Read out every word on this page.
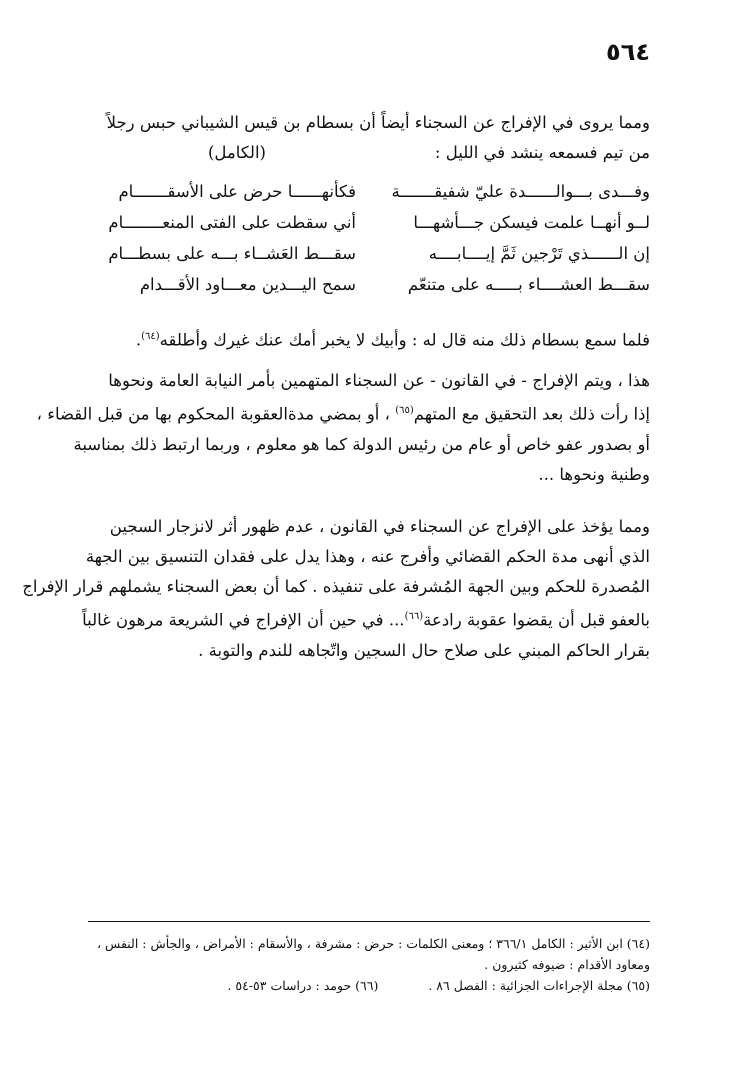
٥٦٤
ومما يروى في الإفراج عن السجناء أيضاً أن بسطام بن قيس الشيباني حبس رجلاً
من تيم فسمعه ينشد في الليل :
(الكامل)
وفـــدى بـــوالــــــدة عليّ شفيقـــــــة
فكأنهــــــا حرض على الأسقـــــــام
لــو أنهــا علمت فيسكن جـــأشهـــا
أني سقطت على الفتى المنعــــــــام
إن الــــــذي تَرْجين ثَمَّ إيــــابــــه
سقـــط العَشــاء بـــه على بسطـــام
سقـــط العشــــاء بـــــه على متنعّم
سمح اليـــدين معـــاود الأقـــدام
فلما سمع بسطام ذلك منه قال له : وأبيك لا يخبر أمك عنك غيرك وأطلقه$^{(٦٤)}$.
هذا ، ويتم الإفراج - في القانون - عن السجناء المتهمين بأمر النيابة العامة ونحوها
إذا رأت ذلك بعد التحقيق مع المتهم$^{(٦٥)}$ ، أو بمضي مدةالعقوبة المحكوم بها من قبل القضاء ،
أو بصدور عفو خاص أو عام من رئيس الدولة كما هو معلوم ، وربما ارتبط ذلك بمناسبة
وطنية ونحوها ...
ومما يؤخذ على الإفراج عن السجناء في القانون ، عدم ظهور أثر لانزجار السجين
الذي أنهى مدة الحكم القضائي وأفرج عنه ، وهذا يدل على فقدان التنسيق بين الجهة
المُصدرة للحكم وبين الجهة المُشرفة على تنفيذه . كما أن بعض السجناء يشملهم قرار الإفراج
بالعفو قبل أن يقضوا عقوبة رادعة$^{(٦٦)}$... في حين أن الإفراج في الشريعة مرهون غالباً
بقرار الحاكم المبني على صلاح حال السجين واتّجاهه للندم والتوبة .
(٦٤) ابن الأثير : الكامل ٣٦٦/١ ؛ ومعنى الكلمات : حرض : مشرفة ، والأسقام : الأمراض ، والجأش : النفس ،
ومعاود الأقدام : ضيوفه كثيرون .
(٦٥) مجلة الإجراءات الجزائية : الفصل ٨٦ . (٦٦) حومد : دراسات ٥٣-٥٤ .
